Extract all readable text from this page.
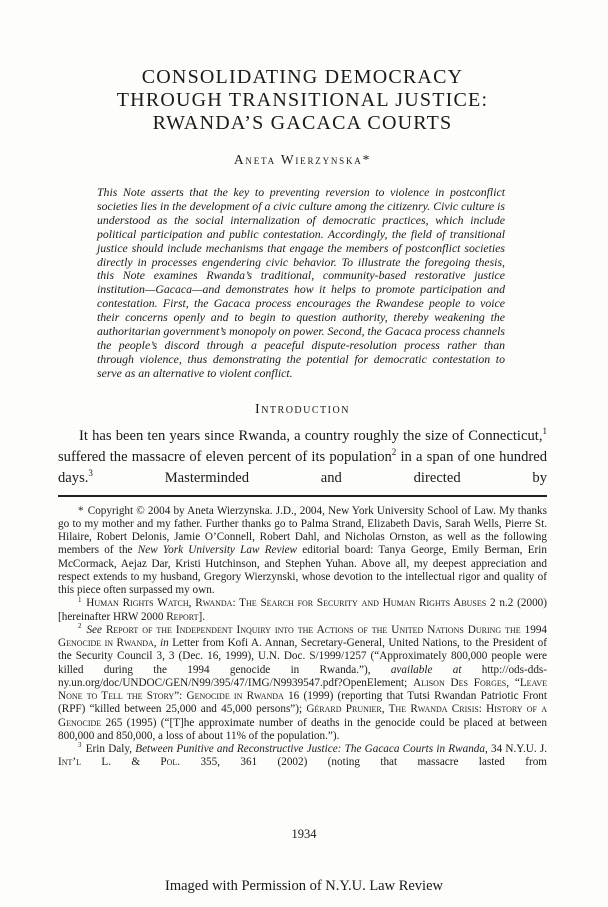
CONSOLIDATING DEMOCRACY
THROUGH TRANSITIONAL JUSTICE:
RWANDA’S GACACA COURTS
Aneta Wierzynska*
This Note asserts that the key to preventing reversion to violence in postconflict societies lies in the development of a civic culture among the citizenry. Civic culture is understood as the social internalization of democratic practices, which include political participation and public contestation. Accordingly, the field of transitional justice should include mechanisms that engage the members of postconflict societies directly in processes engendering civic behavior. To illustrate the foregoing thesis, this Note examines Rwanda’s traditional, community-based restorative justice institution—Gacaca—and demonstrates how it helps to promote participation and contestation. First, the Gacaca process encourages the Rwandese people to voice their concerns openly and to begin to question authority, thereby weakening the authoritarian government’s monopoly on power. Second, the Gacaca process channels the people’s discord through a peaceful dispute-resolution process rather than through violence, thus demonstrating the potential for democratic contestation to serve as an alternative to violent conflict.
Introduction

It has been ten years since Rwanda, a country roughly the size of Connecticut,$^1$ suffered the massacre of eleven percent of its population$^2$ in a span of one hundred days.$^3$ Masterminded and directed by

* Copyright © 2004 by Aneta Wierzynska. J.D., 2004, New York University School of Law. My thanks go to my mother and my father. Further thanks go to Palma Strand, Elizabeth Davis, Sarah Wells, Pierre St. Hilaire, Robert Delonis, Jamie O’Connell, Robert Dahl, and Nicholas Ornston, as well as the following members of the New York University Law Review editorial board: Tanya George, Emily Berman, Erin McCormack, Aejaz Dar, Kristi Hutchinson, and Stephen Yuhan. Above all, my deepest appreciation and respect extends to my husband, Gregory Wierzynski, whose devotion to the intellectual rigor and quality of this piece often surpassed my own.

$^1$ Human Rights Watch, Rwanda: The Search for Security and Human Rights Abuses 2 n.2 (2000) [hereinafter HRW 2000 Report].

$^2$ See Report of the Independent Inquiry into the Actions of the United Nations During the 1994 Genocide in Rwanda, in Letter from Kofi A. Annan, Secretary-General, United Nations, to the President of the Security Council 3, 3 (Dec. 16, 1999), U.N. Doc. S/1999/1257 (“Approximately 800,000 people were killed during the 1994 genocide in Rwanda.”), available at http://ods-dds-ny.un.org/doc/UNDOC/GEN/N99/395/47/IMG/N9939547.pdf?OpenElement; Alison Des Forges, “Leave None to Tell the Story”: Genocide in Rwanda 16 (1999) (reporting that Tutsi Rwandan Patriotic Front (RPF) “killed between 25,000 and 45,000 persons”); Gérard Prunier, The Rwanda Crisis: History of a Genocide 265 (1995) (“[T]he approximate number of deaths in the genocide could be placed at between 800,000 and 850,000, a loss of about 11% of the population.”).

$^3$ Erin Daly, Between Punitive and Reconstructive Justice: The Gacaca Courts in Rwanda, 34 N.Y.U. J. Int’l L. & Pol. 355, 361 (2002) (noting that massacre lasted from

1934
Imaged with Permission of N.Y.U. Law Review
